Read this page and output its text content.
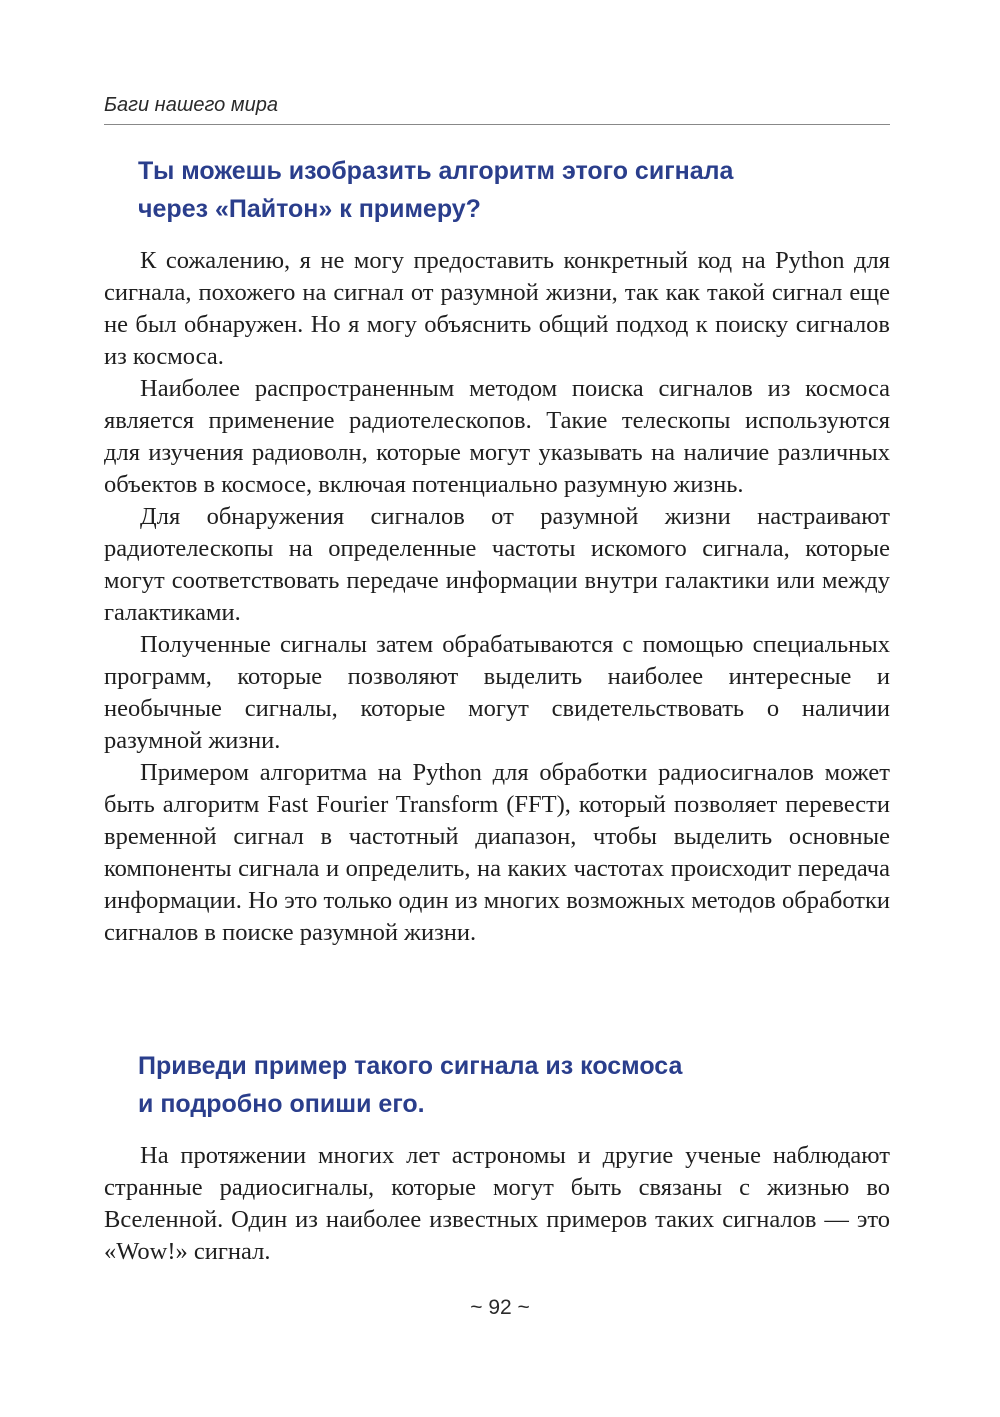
Баги нашего мира
Ты можешь изобразить алгоритм этого сигнала
через «Пайтон» к примеру?

К сожалению, я не могу предоставить конкретный код на Python для сигнала, похожего на сигнал от разумной жизни, так как такой сигнал еще не был обнаружен. Но я могу объяснить общий подход к поиску сигналов из космоса.

Наиболее распространенным методом поиска сигналов из космоса является применение радиотелескопов. Такие телескопы используются для изучения радиоволн, которые могут указывать на наличие различных объектов в космосе, включая потенциально разумную жизнь.

Для обнаружения сигналов от разумной жизни настраивают радиотелескопы на определенные частоты искомого сигнала, которые могут соответствовать передаче информации внутри галактики или между галактиками.

Полученные сигналы затем обрабатываются с помощью специальных программ, которые позволяют выделить наиболее интересные и необычные сигналы, которые могут свидетельствовать о наличии разумной жизни.

Примером алгоритма на Python для обработки радиосигналов может быть алгоритм Fast Fourier Transform (FFT), который позволяет перевести временной сигнал в частотный диапазон, чтобы выделить основные компоненты сигнала и определить, на каких частотах происходит передача информации. Но это только один из многих возможных методов обработки сигналов в поиске разумной жизни.

Приведи пример такого сигнала из космоса
и подробно опиши его.

На протяжении многих лет астрономы и другие ученые наблюдают странные радиосигналы, которые могут быть связаны с жизнью во Вселенной. Один из наиболее известных примеров таких сигналов — это «Wow!» сигнал.

~ 92 ~
